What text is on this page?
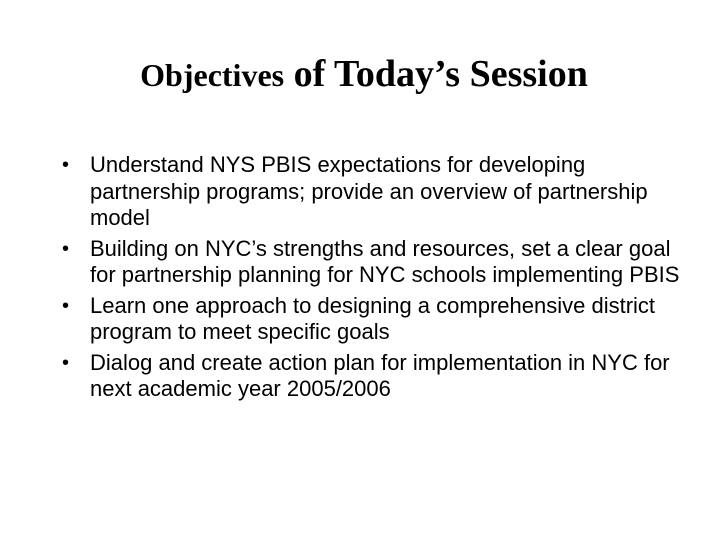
Objectives of Today’s Session
• Understand NYS PBIS expectations for developing partnership programs; provide an overview of partnership model
• Building on NYC’s strengths and resources, set a clear goal for partnership planning for NYC schools implementing PBIS
• Learn one approach to designing a comprehensive district program to meet specific goals
• Dialog and create action plan for implementation in NYC for next academic year 2005/2006
